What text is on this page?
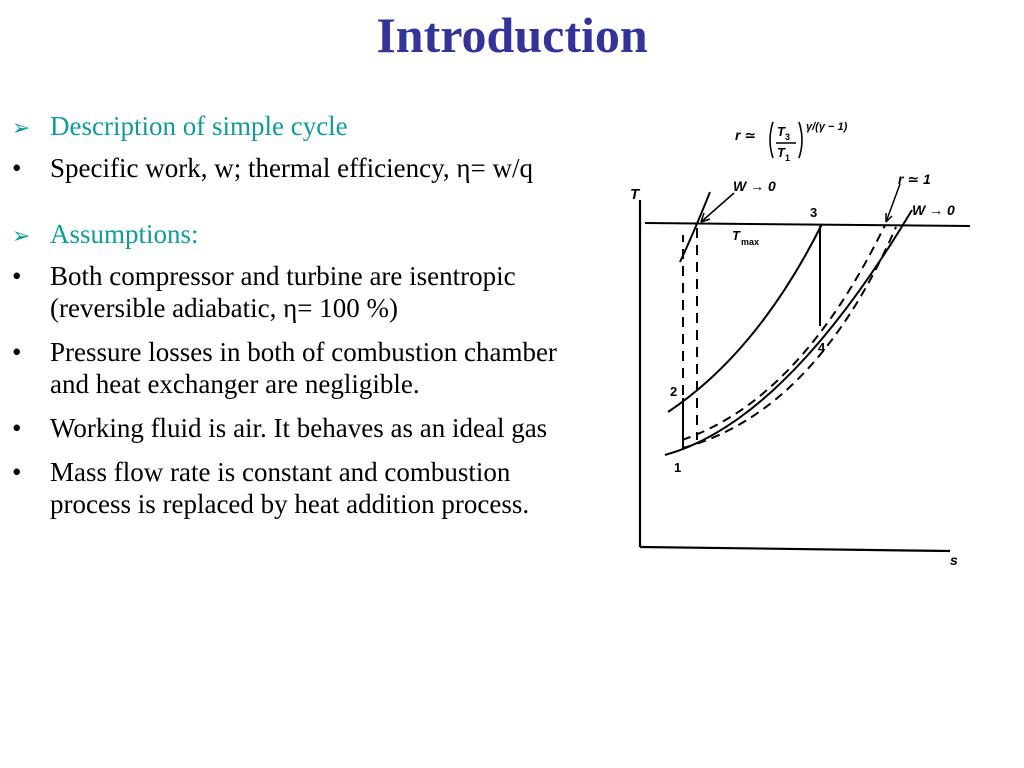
Introduction
➢ Description of simple cycle
•	Specific work, w; thermal efficiency, η= w/q
➢ Assumptions:
•	Both compressor and turbine are isentropic (reversible adiabatic, η= 100 %)
•	Pressure losses in both of combustion chamber and heat exchanger are negligible.
•	Working fluid is air. It behaves as an ideal gas
•	Mass flow rate is constant and combustion process is replaced by heat addition process.
r ≃ T 3
T 1
γ/(γ − 1)
T
s
T max
W → 0	r ≃ 1
W → 0
1
2
3
4
